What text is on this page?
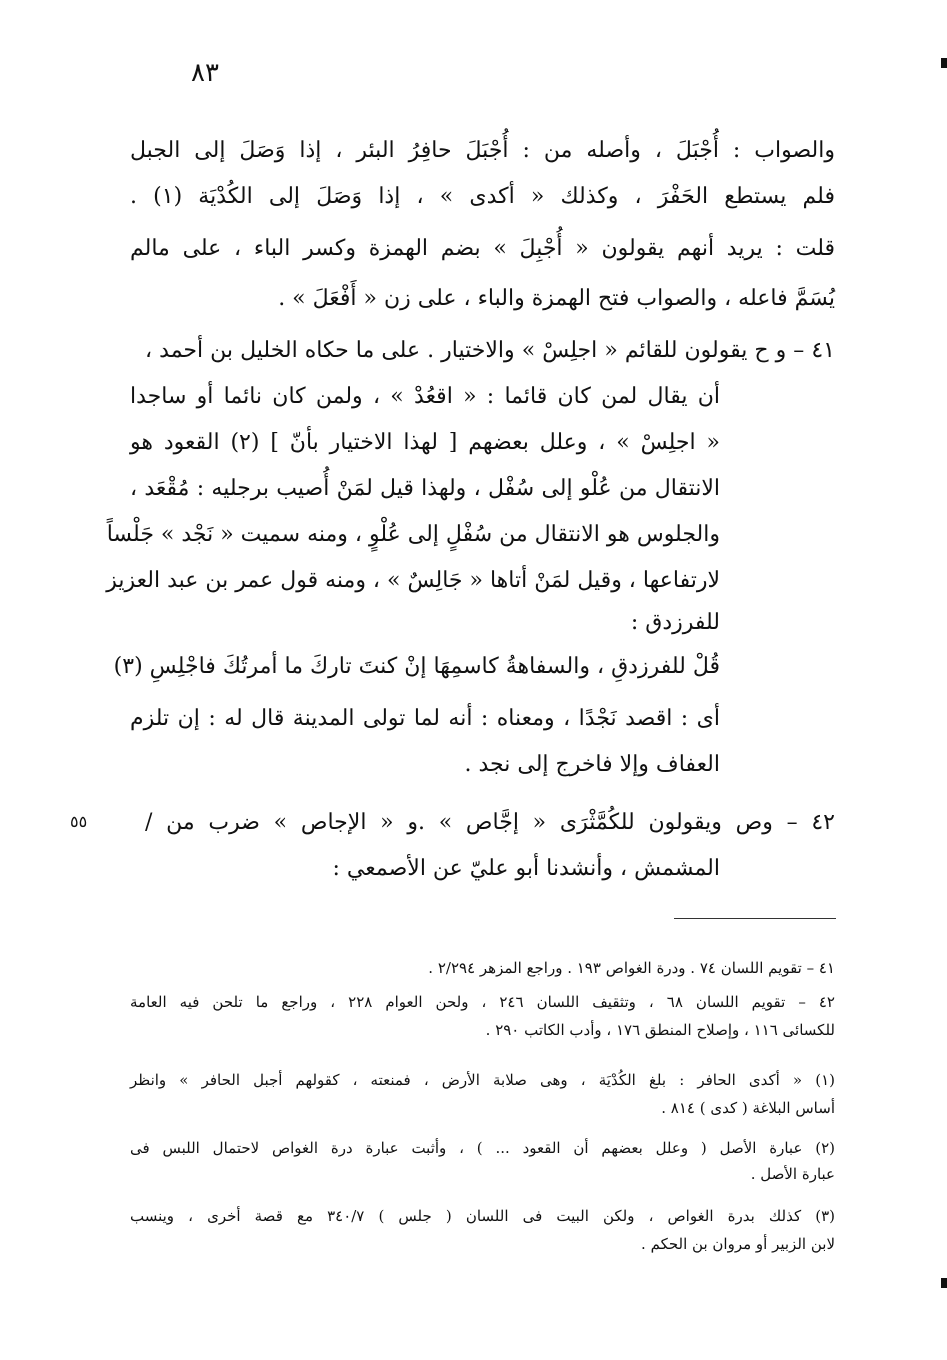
٨٣
والصواب : أُجْبَلَ ، وأصله من : أُجْبَلَ حافِرُ البئر ، إذا وَصَلَ إلى الجبل
فلم يستطع الحَفْرَ ، وكذلك « أكدى » ، إذا وَصَلَ إلى الكُدْيَة (١) .
قلت : يريد أنهم يقولون « أُجْبِلَ » بضم الهمزة وكسر الباء ، على مالم
يُسَمَّ فاعله ، والصواب فتح الهمزة والباء ، على زن « أَفْعَلَ » .
٤١ – و ح يقولون للقائم « اجلِسْ » والاختيار . على ما حكاه الخليل بن أحمد ،
أن يقال لمن كان قائما : « اقعُدْ » ، ولمن كان نائما أو ساجدا
« اجلِسْ » ، وعلل بعضهم [ لهذا الاختيار بأنّ ] (٢) القعود هو
الانتقال من عُلْو إلى سُفْل ، ولهذا قيل لمَنْ أُصيب برجليه : مُقْعَد ،
والجلوس هو الانتقال من سُفْلٍ إلى عُلْوٍ ، ومنه سميت « نَجْد » جَلْساً
لارتفاعها ، وقيل لمَنْ أتاها « جَالِسٌ » ، ومنه قول عمر بن عبد العزيز
للفرزدق :
قُلْ للفرزدقِ ، والسفاهةُ كاسمِهَا إنْ كنتَ تاركَ ما أمرتُكَ فاجْلِسِ (٣)
أى : اقصد نَجْدًا ، ومعناه : أنه لما تولى المدينة قال له : إن تلزم
العفاف وإلا فاخرج إلى نجد .
٤٢ – وص ويقولون للكُمَّثْرَى « إجَّاص » .و « الإجاص » ضرب من /
المشمش ، وأنشدنا أبو عليّ عن الأصمعي :
٥٥
٤١ – تقويم اللسان ٧٤ . ودرة الغواص ١٩٣ . وراجع المزهر ٢/٢٩٤ .
٤٢ – تقويم اللسان ٦٨ ، وتثقيف اللسان ٢٤٦ ، ولحن العوام ٢٢٨ ، وراجع ما تلحن فيه العامة
للكسائى ١١٦ ، وإصلاح المنطق ١٧٦ ، وأدب الكاتب ٢٩٠ .
(١) « أكدى الحافر : بلغ الكُدْيَة ، وهى صلابة الأرض ، فمنعته ، كقولهم أجبل الحافر » وانظر
أساس البلاغة ( كدى ) ٨١٤ .
(٢) عبارة الأصل ( وعلل بعضهم أن القعود ... ) ، وأثبت عبارة درة الغواص لاحتمال اللبس فى
عبارة الأصل .
(٣) كذلك بدرة الغواص ، ولكن البيت فى اللسان ( جلس ) ٣٤٠/٧ مع قصة أخرى ، وينسب
لابن الزبير أو مروان بن الحكم .
